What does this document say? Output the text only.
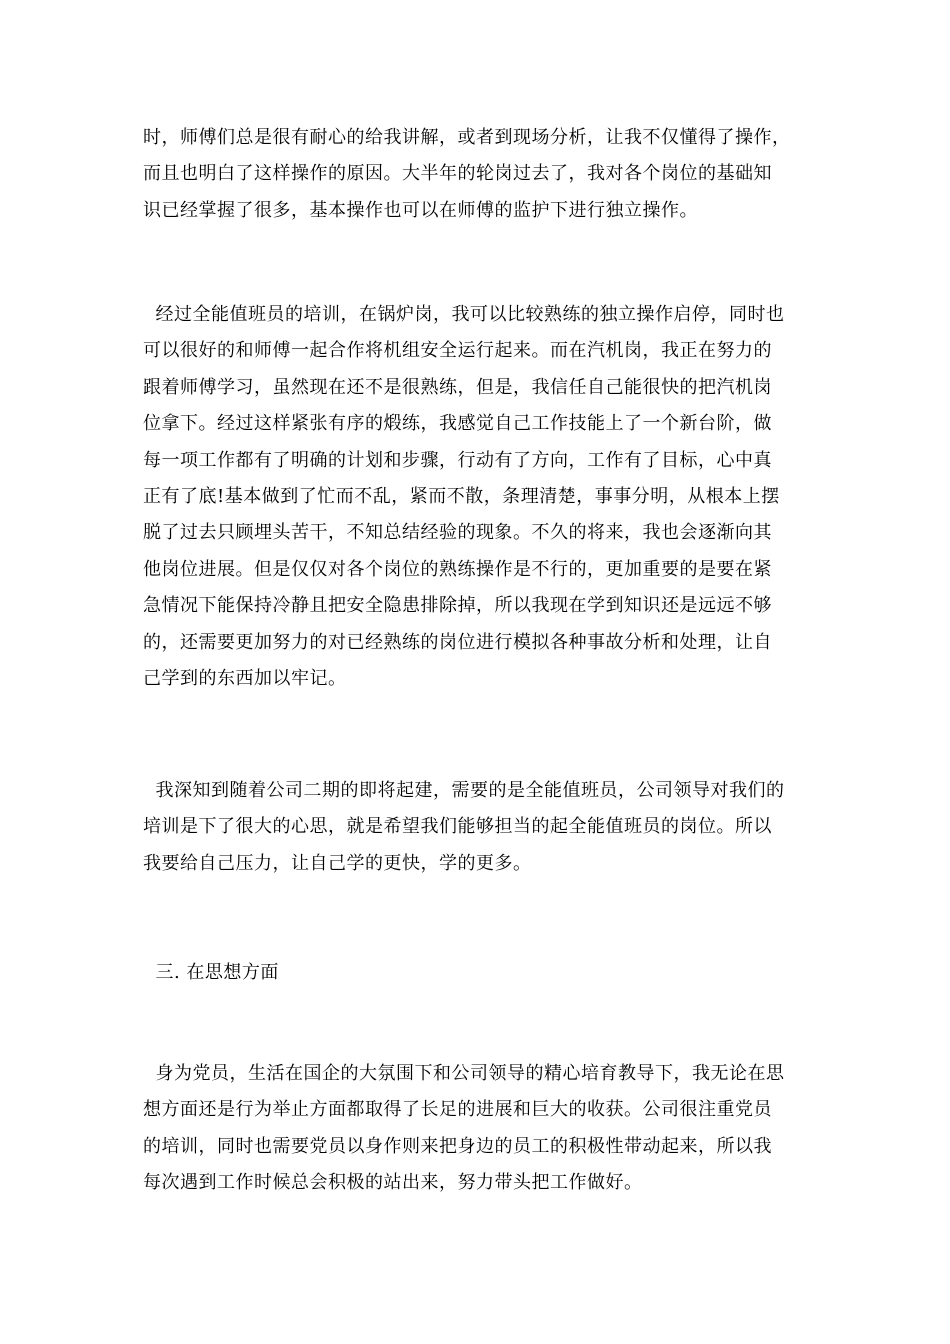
时，师傅们总是很有耐心的给我讲解，或者到现场分析，让我不仅懂得了操作，
而且也明白了这样操作的原因。大半年的轮岗过去了，我对各个岗位的基础知
识已经掌握了很多，基本操作也可以在师傅的监护下进行独立操作。
经过全能值班员的培训，在锅炉岗，我可以比较熟练的独立操作启停，同时也
可以很好的和师傅一起合作将机组安全运行起来。而在汽机岗，我正在努力的
跟着师傅学习，虽然现在还不是很熟练，但是，我信任自己能很快的把汽机岗
位拿下。经过这样紧张有序的煅练，我感觉自己工作技能上了一个新台阶，做
每一项工作都有了明确的计划和步骤，行动有了方向，工作有了目标，心中真
正有了底!基本做到了忙而不乱，紧而不散，条理清楚，事事分明，从根本上摆
脱了过去只顾埋头苦干，不知总结经验的现象。不久的将来，我也会逐渐向其
他岗位进展。但是仅仅对各个岗位的熟练操作是不行的，更加重要的是要在紧
急情况下能保持冷静且把安全隐患排除掉，所以我现在学到知识还是远远不够
的，还需要更加努力的对已经熟练的岗位进行模拟各种事故分析和处理，让自
己学到的东西加以牢记。
我深知到随着公司二期的即将起建，需要的是全能值班员，公司领导对我们的
培训是下了很大的心思，就是希望我们能够担当的起全能值班员的岗位。所以
我要给自己压力，让自己学的更快，学的更多。
三. 在思想方面
身为党员，生活在国企的大氛围下和公司领导的精心培育教导下，我无论在思
想方面还是行为举止方面都取得了长足的进展和巨大的收获。公司很注重党员
的培训，同时也需要党员以身作则来把身边的员工的积极性带动起来，所以我
每次遇到工作时候总会积极的站出来，努力带头把工作做好。
